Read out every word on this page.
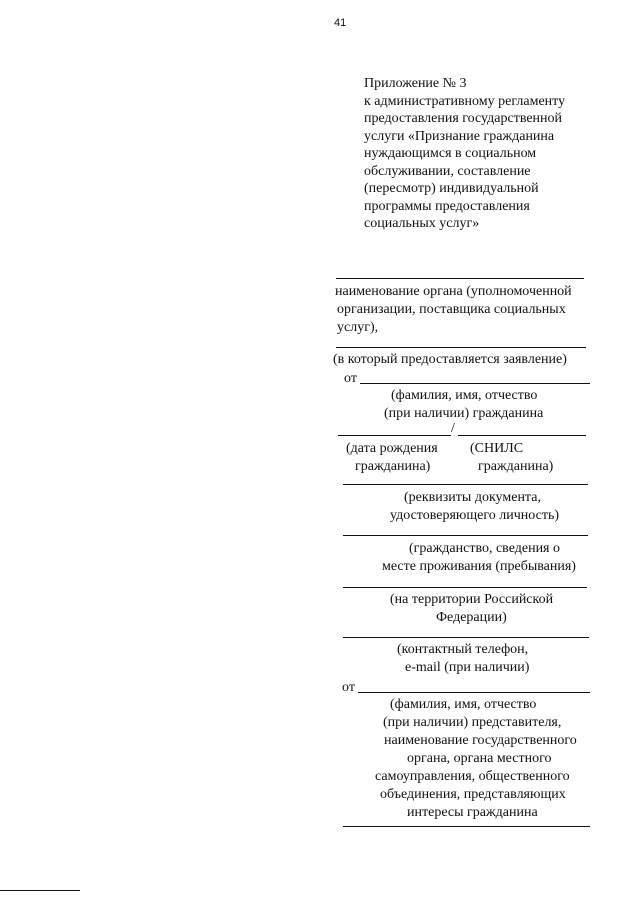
41
Приложение № 3
к административному регламенту
предоставления государственной
услуги «Признание гражданина
нуждающимся в социальном
обслуживании, составление
(пересмотр) индивидуальной
программы предоставления
социальных услуг»
наименование органа (уполномоченной
организации, поставщика социальных
услуг),
(в который предоставляется заявление)
от
(фамилия, имя, отчество
(при наличии) гражданина
/
(дата рождения
гражданина)
(СНИЛС
гражданина)
(реквизиты документа,
удостоверяющего личность)
(гражданство, сведения о
месте проживания (пребывания)
(на территории Российской
Федерации)
(контактный телефон,
e-mail (при наличии)
от
(фамилия, имя, отчество
(при наличии) представителя,
наименование государственного
органа, органа местного
самоуправления, общественного
объединения, представляющих
интересы гражданина
